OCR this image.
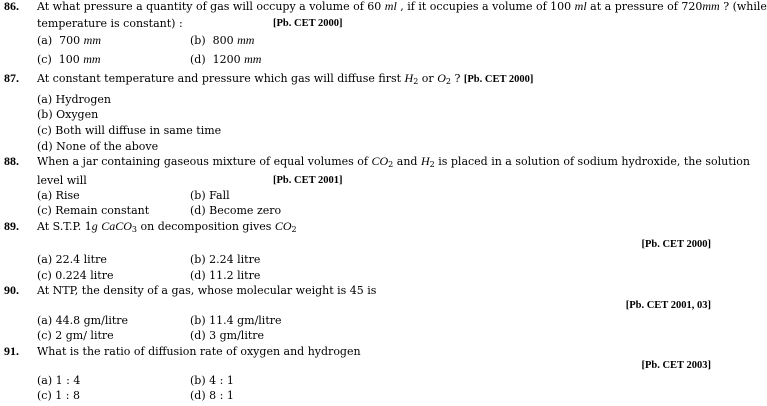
86. At what pressure a quantity of gas will occupy a volume of 60 ml , if it occupies a volume of 100 ml at a pressure of 720mm ? (while
temperature is constant) :	[Pb. CET 2000]
(a) 700 mm	(b) 800 mm
(c) 100 mm	(d) 1200 mm
87. At constant temperature and pressure which gas will diffuse first $H_2$ or $O_2$ ? [Pb. CET 2000]
(a) Hydrogen
(b) Oxygen
(c) Both will diffuse in same time
(d) None of the above
88. When a jar containing gaseous mixture of equal volumes of $CO_2$ and $H_2$ is placed in a solution of sodium hydroxide, the solution
level will	[Pb. CET 2001]
(a) Rise	(b) Fall
(c) Remain constant	(d) Become zero
89. At S.T.P. 1g CaCO$_3$ on decomposition gives $CO_2$
[Pb. CET 2000]
(a) 22.4 litre	(b) 2.24 litre
(c) 0.224 litre	(d) 11.2 litre
90. At NTP, the density of a gas, whose molecular weight is 45 is
[Pb. CET 2001, 03]
(a) 44.8 gm/litre	(b) 11.4 gm/litre
(c) 2 gm/ litre	(d) 3 gm/litre
91. What is the ratio of diffusion rate of oxygen and hydrogen
[Pb. CET 2003]
(a) 1 : 4	(b) 4 : 1
(c) 1 : 8	(d) 8 : 1
